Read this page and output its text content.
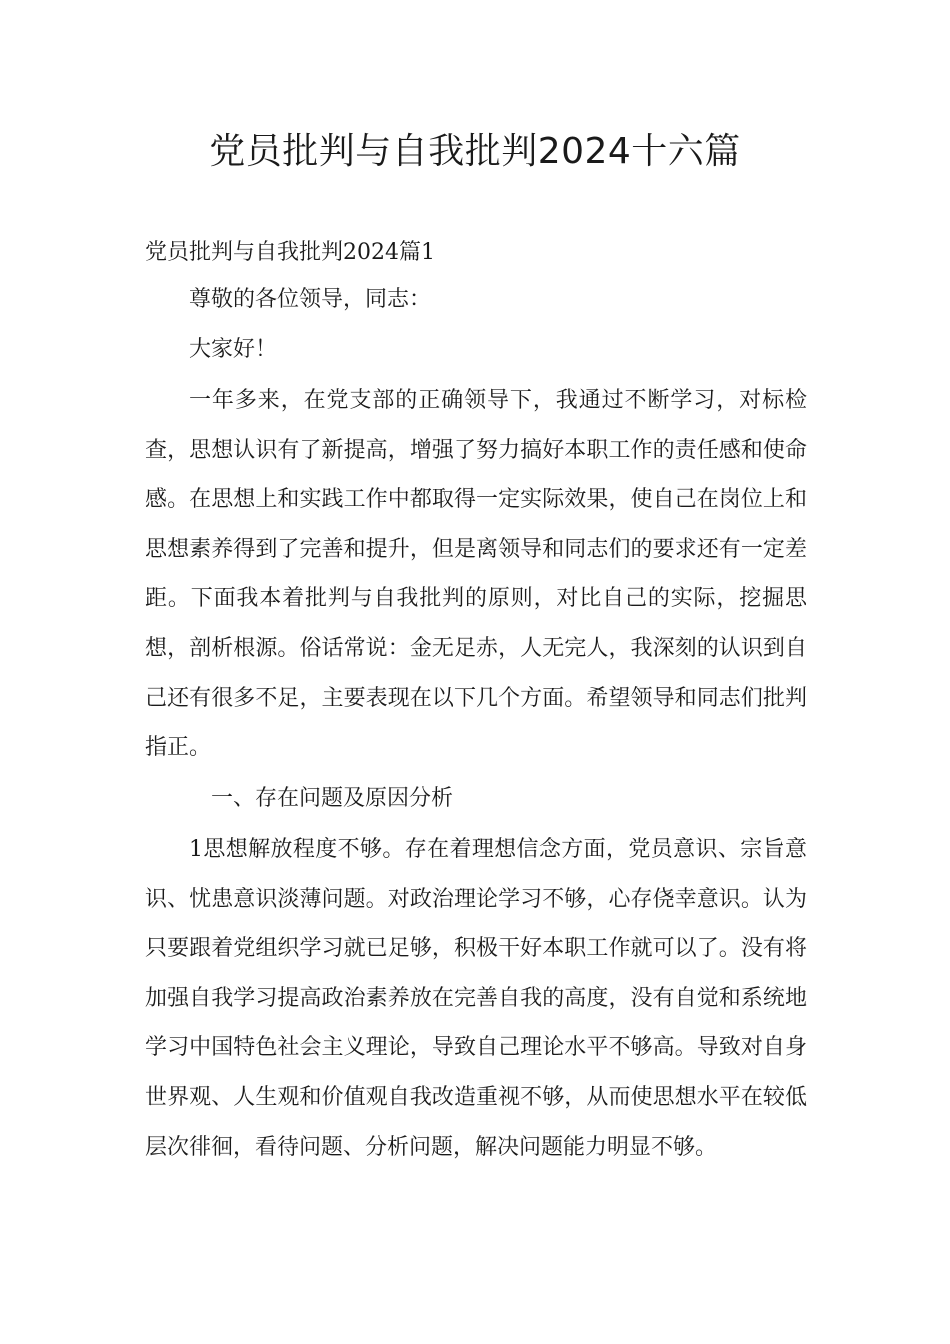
党员批判与自我批判2024十六篇

党员批判与自我批判2024篇1

尊敬的各位领导，同志：

大家好！

一年多来，在党支部的正确领导下，我通过不断学习，对标检查，思想认识有了新提高，增强了努力搞好本职工作的责任感和使命感。在思想上和实践工作中都取得一定实际效果，使自己在岗位上和思想素养得到了完善和提升，但是离领导和同志们的要求还有一定差距。下面我本着批判与自我批判的原则，对比自己的实际，挖掘思想，剖析根源。俗话常说：金无足赤，人无完人，我深刻的认识到自己还有很多不足，主要表现在以下几个方面。希望领导和同志们批判指正。

一、存在问题及原因分析

1思想解放程度不够。存在着理想信念方面，党员意识、宗旨意识、忧患意识淡薄问题。对政治理论学习不够，心存侥幸意识。认为只要跟着党组织学习就已足够，积极干好本职工作就可以了。没有将加强自我学习提高政治素养放在完善自我的高度，没有自觉和系统地学习中国特色社会主义理论，导致自己理论水平不够高。导致对自身世界观、人生观和价值观自我改造重视不够，从而使思想水平在较低层次徘徊，看待问题、分析问题，解决问题能力明显不够。
